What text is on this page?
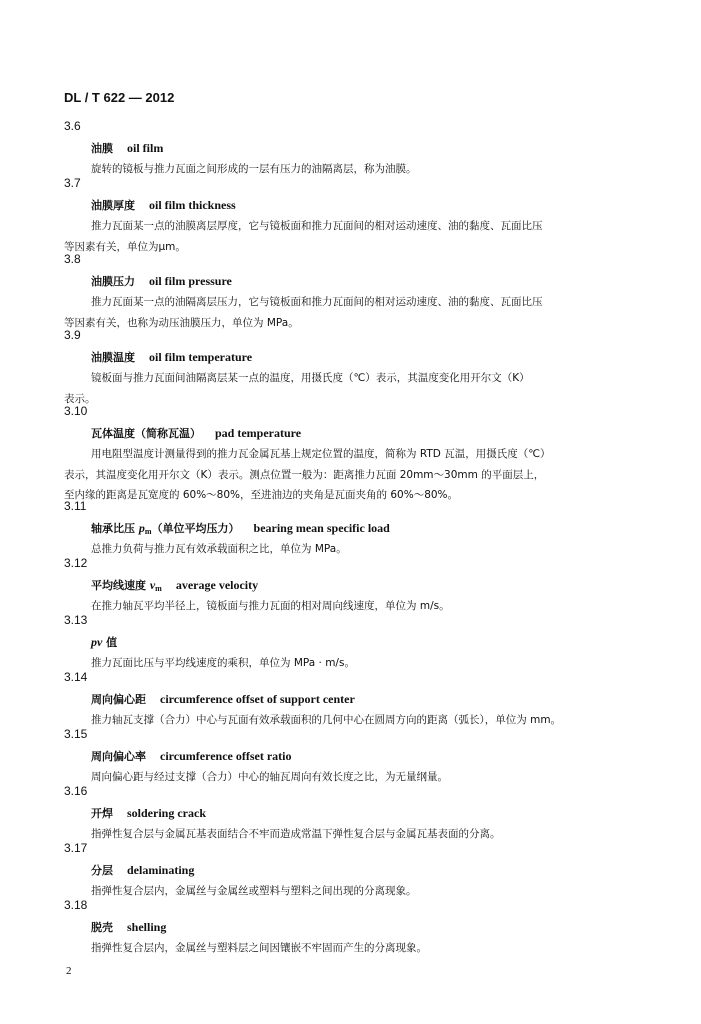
DL / T 622 — 2012
3.6
油膜 oil film
旋转的镜板与推力瓦面之间形成的一层有压力的油隔离层，称为油膜。
3.7
油膜厚度 oil film thickness
推力瓦面某一点的油膜离层厚度，它与镜板面和推力瓦面间的相对运动速度、油的黏度、瓦面比压
等因素有关，单位为μm。
3.8
油膜压力 oil film pressure
推力瓦面某一点的油隔离层压力，它与镜板面和推力瓦面间的相对运动速度、油的黏度、瓦面比压
等因素有关，也称为动压油膜压力，单位为 MPa。
3.9
油膜温度 oil film temperature
镜板面与推力瓦面间油隔离层某一点的温度，用摄氏度（℃）表示，其温度变化用开尔文（K）
表示。
3.10
瓦体温度（简称瓦温） pad temperature
用电阻型温度计测量得到的推力瓦金属瓦基上规定位置的温度，简称为 RTD 瓦温，用摄氏度（℃）
表示，其温度变化用开尔文（K）表示。测点位置一般为：距离推力瓦面 20mm～30mm 的平面层上，
至内缘的距离是瓦宽度的 60%～80%，至进油边的夹角是瓦面夹角的 60%～80%。
3.11
轴承比压 $p_m$（单位平均压力） bearing mean specific load
总推力负荷与推力瓦有效承载面积之比，单位为 MPa。
3.12
平均线速度 $v_m$ average velocity
在推力轴瓦平均半径上，镜板面与推力瓦面的相对周向线速度，单位为 m/s。
3.13
pv 值
推力瓦面比压与平均线速度的乘积，单位为 MPa · m/s。
3.14
周向偏心距 circumference offset of support center
推力轴瓦支撑（合力）中心与瓦面有效承载面积的几何中心在圆周方向的距离（弧长），单位为 mm。
3.15
周向偏心率 circumference offset ratio
周向偏心距与经过支撑（合力）中心的轴瓦周向有效长度之比，为无量纲量。
3.16
开焊 soldering crack
指弹性复合层与金属瓦基表面结合不牢而造成常温下弹性复合层与金属瓦基表面的分离。
3.17
分层 delaminating
指弹性复合层内，金属丝与金属丝或塑料与塑料之间出现的分离现象。
3.18
脱壳 shelling
指弹性复合层内，金属丝与塑料层之间因镶嵌不牢固而产生的分离现象。
2
